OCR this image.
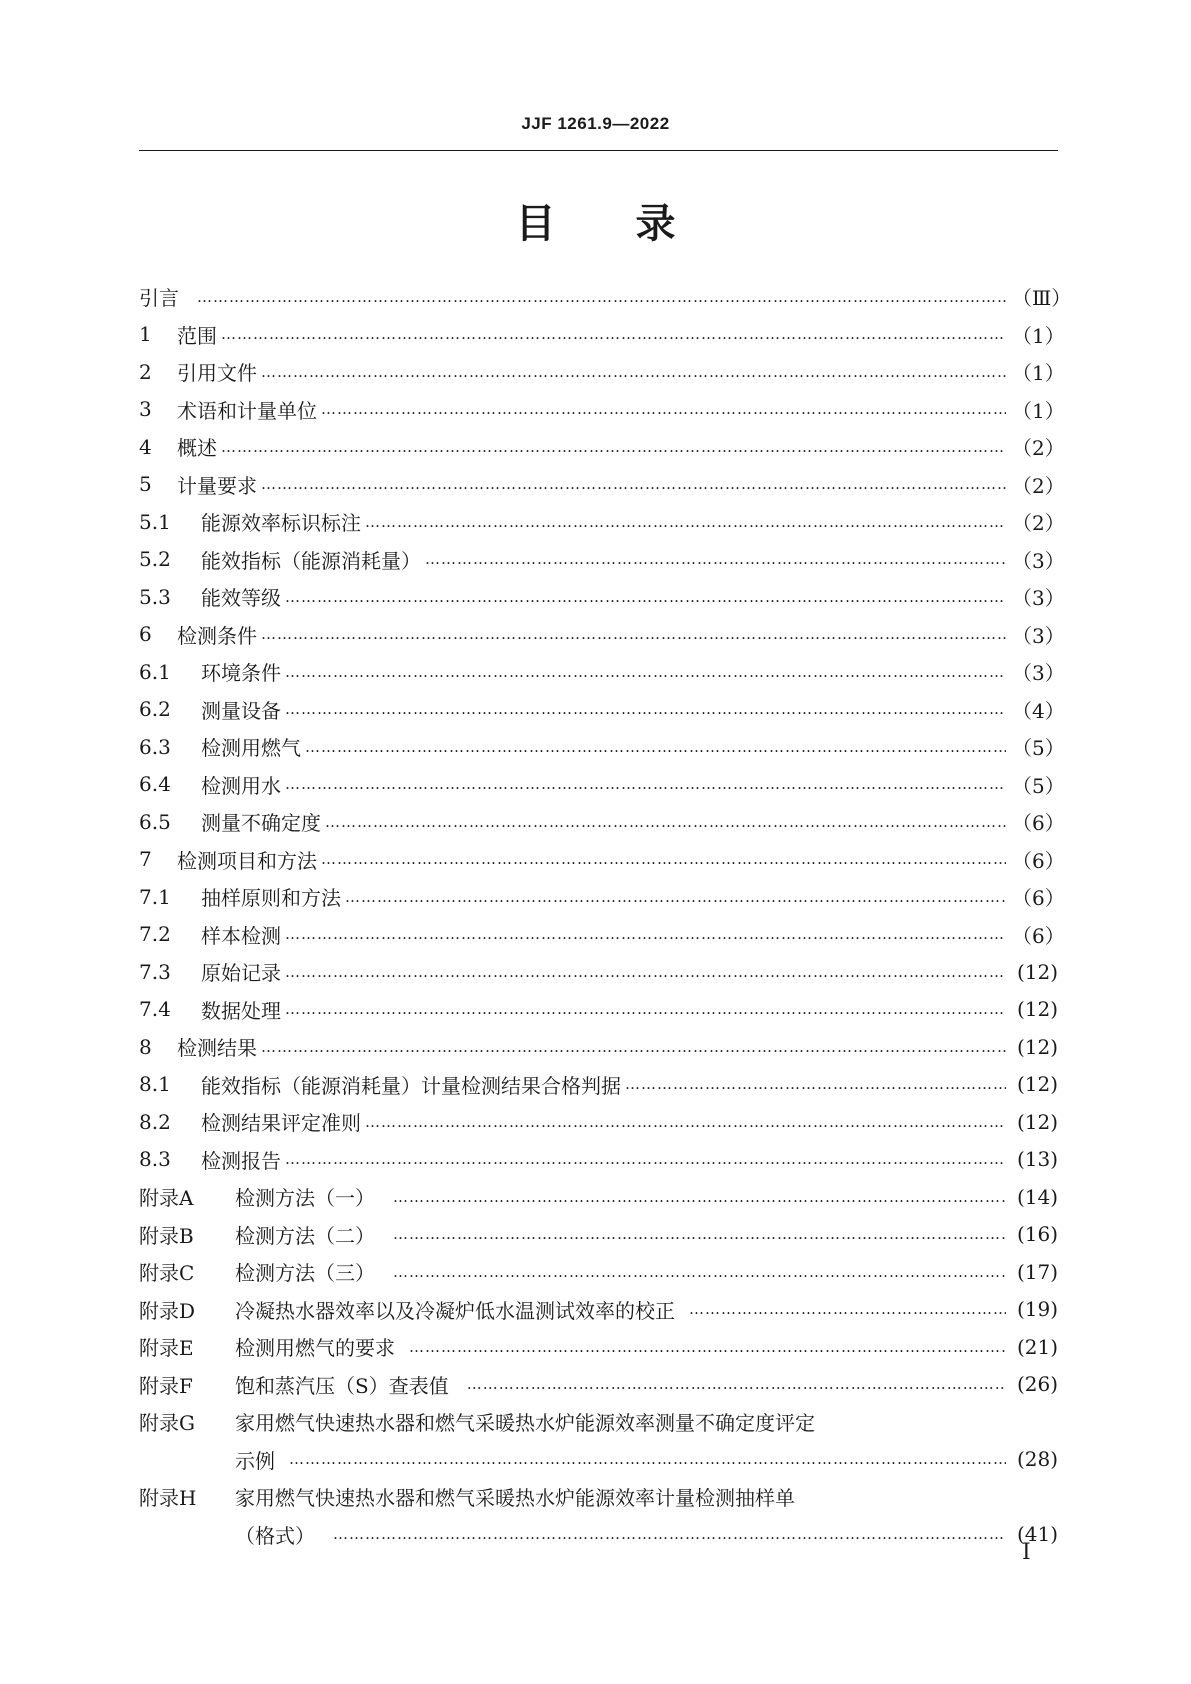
JJF 1261.9—2022
目 录
引言 ……………………………………………………………………………………………………………………………………………………………………………………	（Ⅲ）
1	范围 ……………………………………………………………………………………………………………………………………………………………………………………	（1）
2	引用文件 ……………………………………………………………………………………………………………………………………………………………………………………	（1）
3	术语和计量单位 ……………………………………………………………………………………………………………………………………………………………………………………	（1）
4	概述 ……………………………………………………………………………………………………………………………………………………………………………………	（2）
5	计量要求 ……………………………………………………………………………………………………………………………………………………………………………………	（2）
5.1	能源效率标识标注 ……………………………………………………………………………………………………………………………………………………………………………………	（2）
5.2	能效指标（能源消耗量） ……………………………………………………………………………………………………………………………………………………………………………………	（3）
5.3	能效等级 ……………………………………………………………………………………………………………………………………………………………………………………	（3）
6	检测条件 ……………………………………………………………………………………………………………………………………………………………………………………	（3）
6.1	环境条件 ……………………………………………………………………………………………………………………………………………………………………………………	（3）
6.2	测量设备 ……………………………………………………………………………………………………………………………………………………………………………………	（4）
6.3	检测用燃气 ……………………………………………………………………………………………………………………………………………………………………………………	（5）
6.4	检测用水 ……………………………………………………………………………………………………………………………………………………………………………………	（5）
6.5	测量不确定度 ……………………………………………………………………………………………………………………………………………………………………………………	（6）
7	检测项目和方法 ……………………………………………………………………………………………………………………………………………………………………………………	（6）
7.1	抽样原则和方法 ……………………………………………………………………………………………………………………………………………………………………………………	（6）
7.2	样本检测 ……………………………………………………………………………………………………………………………………………………………………………………	（6）
7.3	原始记录 ……………………………………………………………………………………………………………………………………………………………………………………	(12)
7.4	数据处理 ……………………………………………………………………………………………………………………………………………………………………………………	(12)
8	检测结果 ……………………………………………………………………………………………………………………………………………………………………………………	(12)
8.1	能效指标（能源消耗量）计量检测结果合格判据 ……………………………………………………………………………………………………………………………………………………………………………………	(12)
8.2	检测结果评定准则 ……………………………………………………………………………………………………………………………………………………………………………………	(12)
8.3	检测报告 ……………………………………………………………………………………………………………………………………………………………………………………	(13)
附录A	检测方法（一） ……………………………………………………………………………………………………………………………………………………………………………………	(14)
附录B	检测方法（二） ……………………………………………………………………………………………………………………………………………………………………………………	(16)
附录C	检测方法（三） ……………………………………………………………………………………………………………………………………………………………………………………	(17)
附录D	冷凝热水器效率以及冷凝炉低水温测试效率的校正 ……………………………………………………………………………………………………………………………………………………………………………………	(19)
附录E	检测用燃气的要求 ……………………………………………………………………………………………………………………………………………………………………………………	(21)
附录F	饱和蒸汽压（S）查表值 ……………………………………………………………………………………………………………………………………………………………………………………	(26)
附录G	家用燃气快速热水器和燃气采暖热水炉能源效率测量不确定度评定
示例 ……………………………………………………………………………………………………………………………………………………………………………………	(28)
附录H	家用燃气快速热水器和燃气采暖热水炉能源效率计量检测抽样单
（格式） ……………………………………………………………………………………………………………………………………………………………………………………	(41)
Ⅰ
